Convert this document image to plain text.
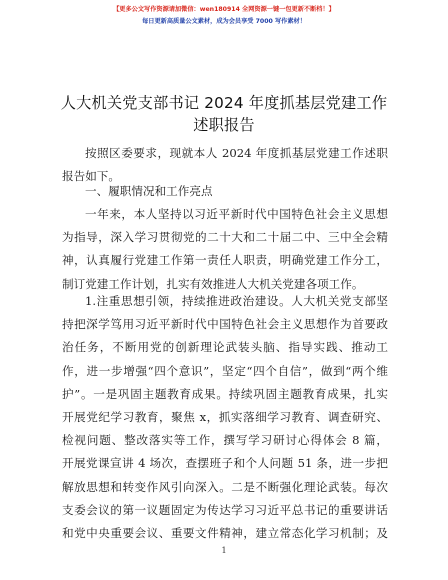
【更多公文写作资源请加微信：wen180914 全网资源一键一包更新不断档！】
每日更新高质量公文素材，成为会员享受 7000 写作素材！
人大机关党支部书记 2024 年度抓基层党建工作
述职报告
按照区委要求，现就本人 2024 年度抓基层党建工作述职
报告如下。
一、履职情况和工作亮点
一年来，本人坚持以习近平新时代中国特色社会主义思想
为指导，深入学习贯彻党的二十大和二十届二中、三中全会精
神，认真履行党建工作第一责任人职责，明确党建工作分工，
制订党建工作计划，扎实有效推进人大机关党建各项工作。
1.注重思想引领，持续推进政治建设。人大机关党支部坚
持把深学笃用习近平新时代中国特色社会主义思想作为首要政
治任务，不断用党的创新理论武装头脑、指导实践、推动工
作，进一步增强“四个意识”，坚定“四个自信”，做到“两个维
护”。一是巩固主题教育成果。持续巩固主题教育成果，扎实
开展党纪学习教育，聚焦 x，抓实落细学习教育、调查研究、
检视问题、整改落实等工作，撰写学习研讨心得体会 8 篇，
开展党课宣讲 4 场次，查摆班子和个人问题 51 条，进一步把
解放思想和转变作风引向深入。二是不断强化理论武装。每次
支委会议的第一议题固定为传达学习习近平总书记的重要讲话
和党中央重要会议、重要文件精神，建立常态化学习机制；及
1
